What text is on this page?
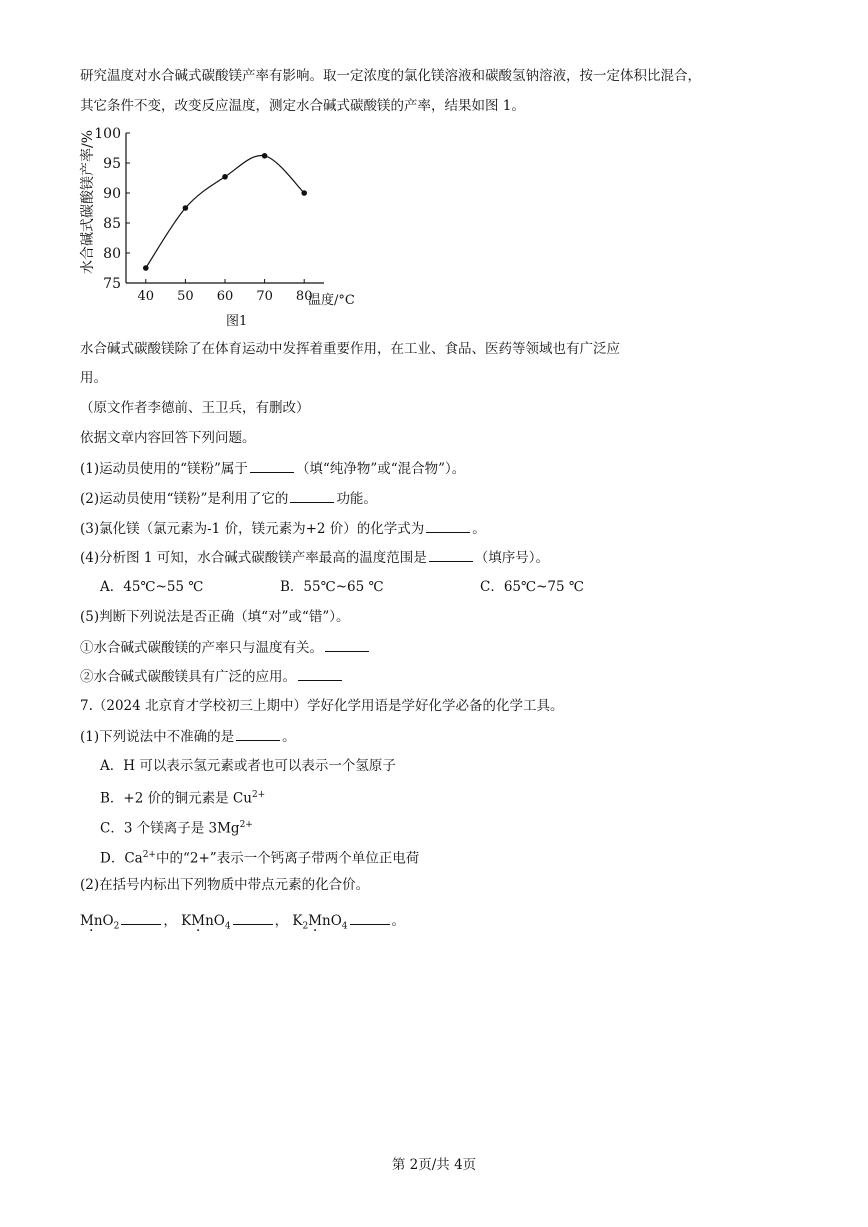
研究温度对水合碱式碳酸镁产率有影响。取一定浓度的氯化镁溶液和碳酸氢钠溶液，按一定体积比混合，
其它条件不变，改变反应温度，测定水合碱式碳酸镁的产率，结果如图 1。
75
80
85
90
95
100
40 50 60 70 80
水合碱式碳酸镁产率/%
温度/°C
图1
水合碱式碳酸镁除了在体育运动中发挥着重要作用，在工业、食品、医药等领域也有广泛应
用。
（原文作者李德前、王卫兵，有删改）
依据文章内容回答下列问题。
(1)运动员使用的“镁粉”属于	（填“纯净物”或“混合物”）。
(2)运动员使用“镁粉”是利用了它的	功能。
(3)氯化镁（氯元素为-1 价，镁元素为+2 价）的化学式为	。
(4)分析图 1 可知，水合碱式碳酸镁产率最高的温度范围是	（填序号）。
A．45℃~55 ℃	B．55℃~65 ℃	C．65℃~75 ℃
(5)判断下列说法是否正确（填“对”或“错”）。
①水合碱式碳酸镁的产率只与温度有关。
②水合碱式碳酸镁具有广泛的应用。
7.（2024 北京育才学校初三上期中）学好化学用语是学好化学必备的化学工具。
(1)下列说法中不准确的是	。
A．H 可以表示氢元素或者也可以表示一个氢原子
B．+2 价的铜元素是 $Cu^{2+}$
C．3 个镁离子是 $3Mg^{2+}$
D．$Ca^{2+}$中的“2+”表示一个钙离子带两个单位正电荷
(2)在括号内标出下列物质中带点元素的化合价。
$Mn \cdot O_2$	， KM $\cdot nO_4$	， $K_2M \cdot nO_4$	。
第 2页/共 4页
